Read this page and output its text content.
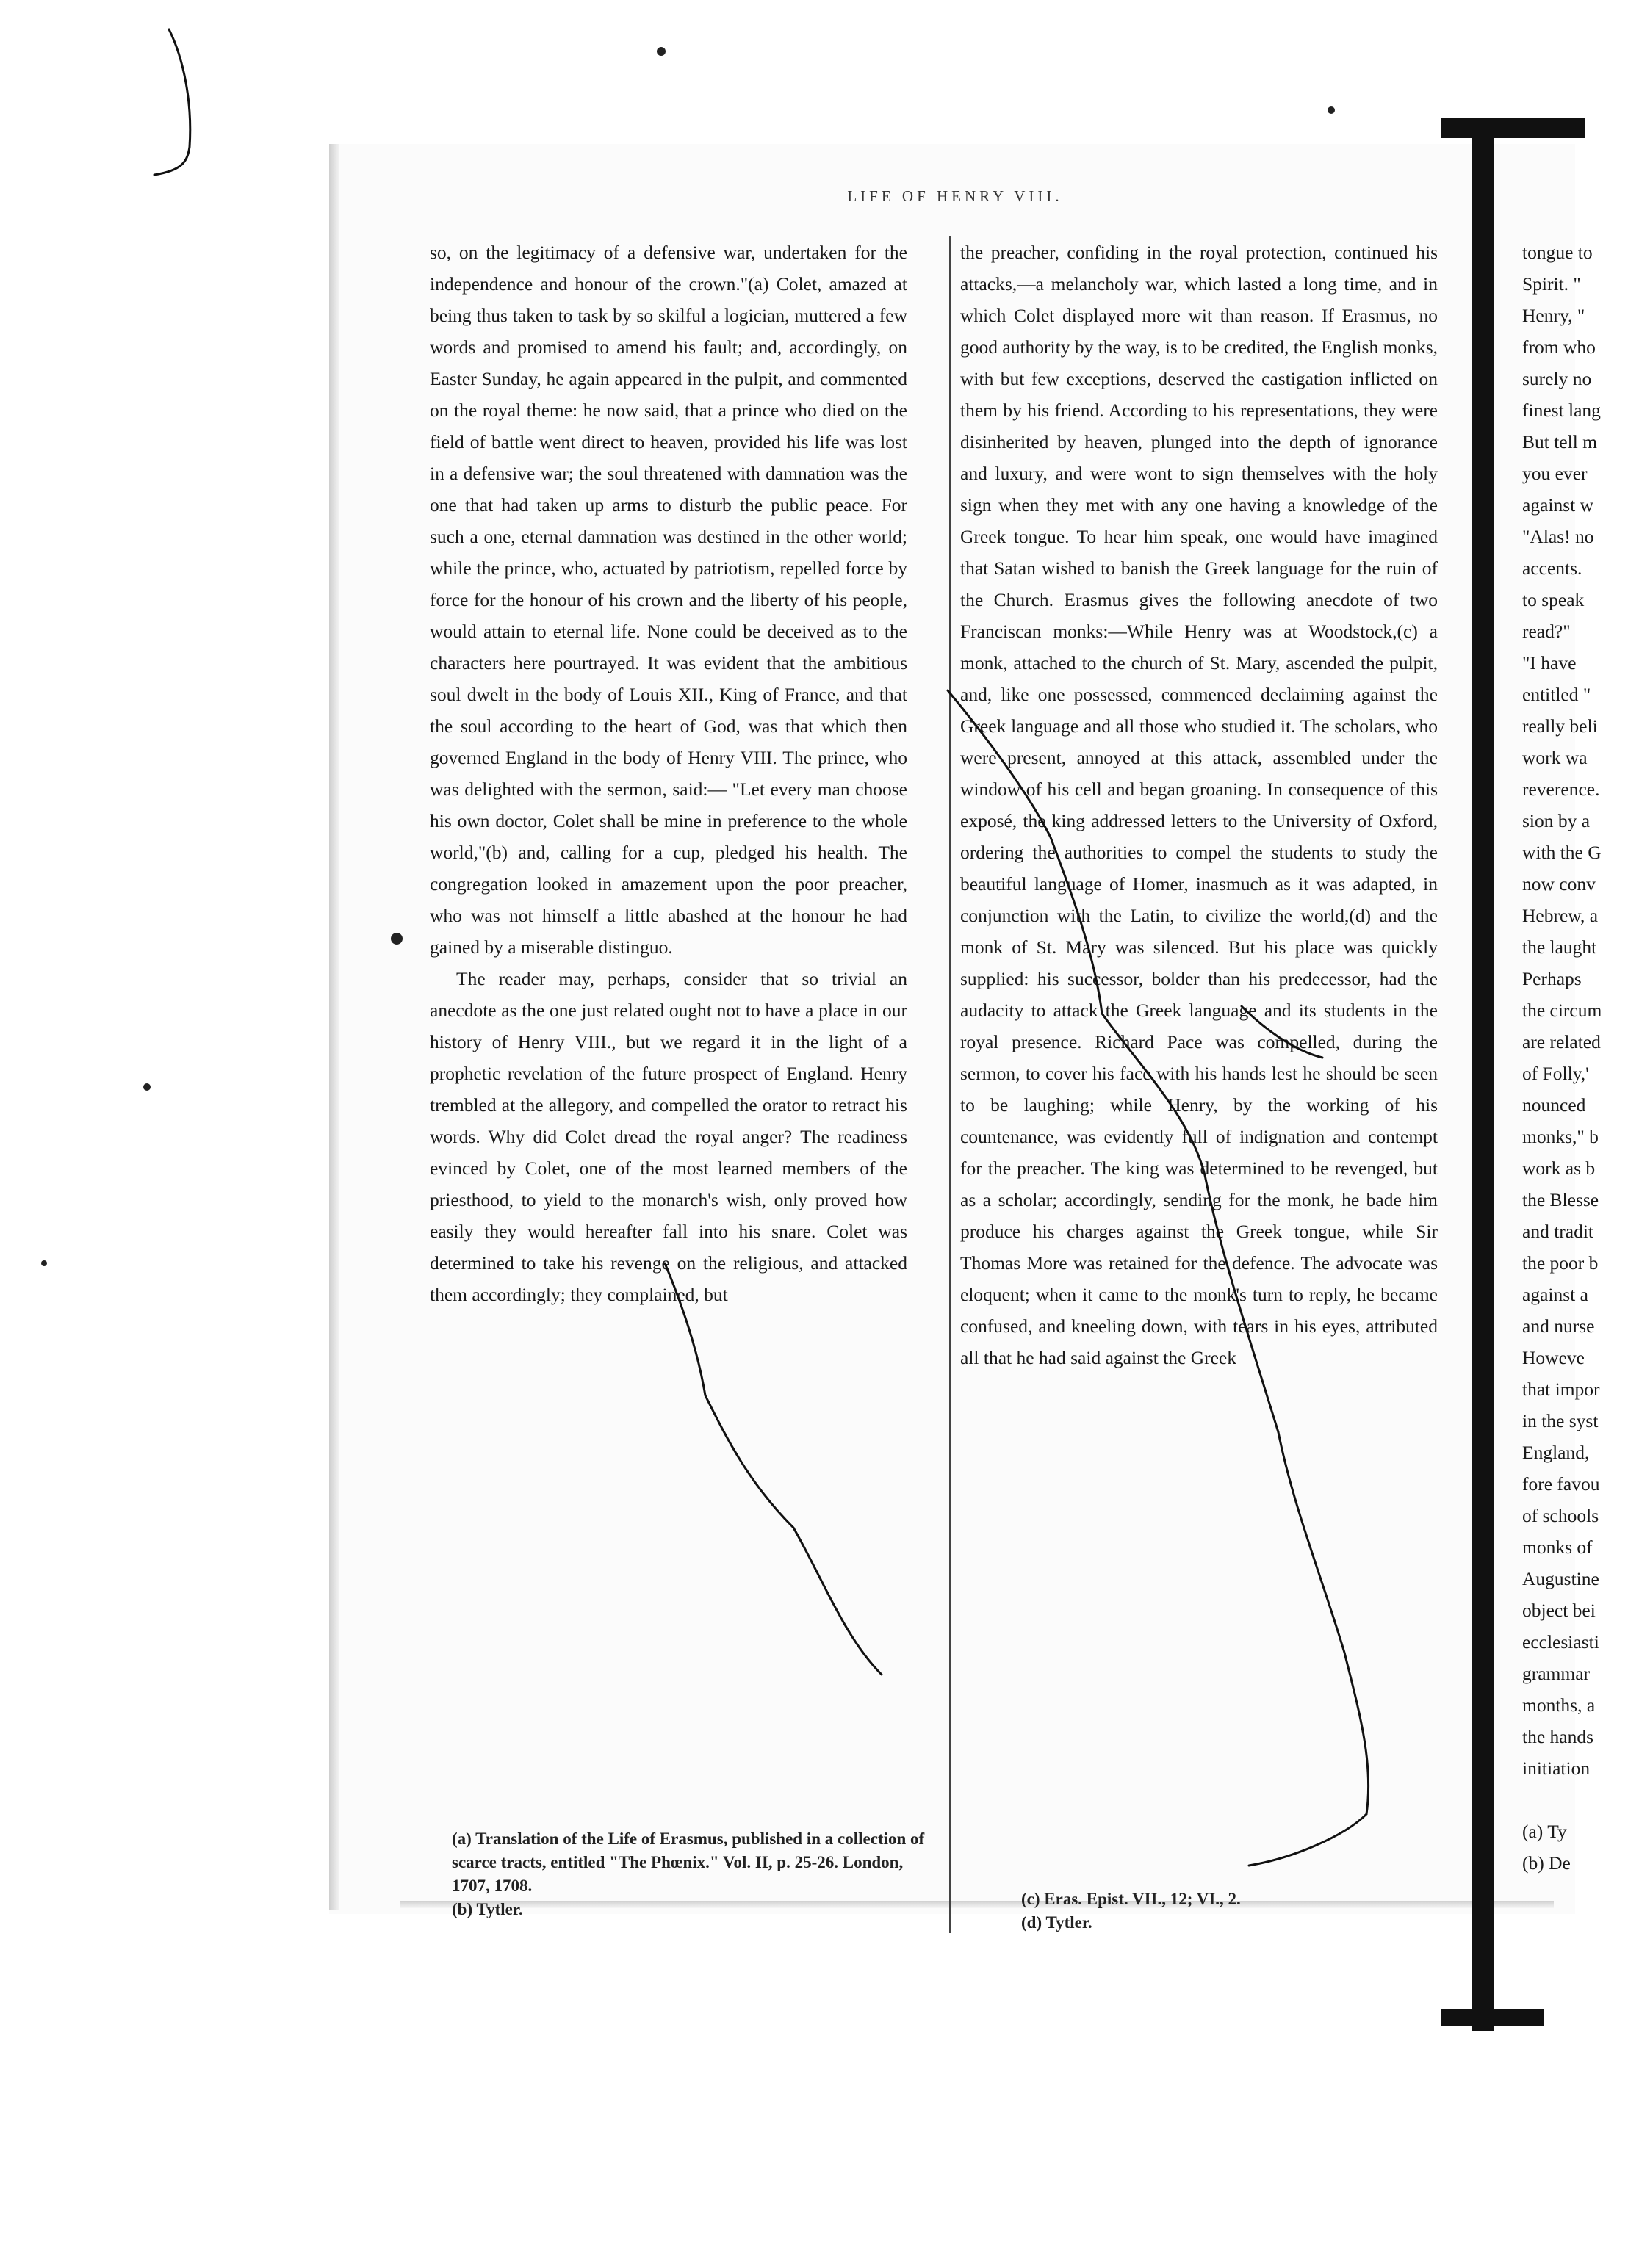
LIFE OF HENRY VIII.

so, on the legitimacy of a defensive war, undertaken for the independence and honour of the crown."(a) Colet, amazed at being thus taken to task by so skilful a logician, muttered a few words and promised to amend his fault; and, accordingly, on Easter Sunday, he again appeared in the pulpit, and commented on the royal theme: he now said, that a prince who died on the field of battle went direct to heaven, provided his life was lost in a defensive war; the soul threatened with damnation was the one that had taken up arms to disturb the public peace. For such a one, eternal damnation was destined in the other world; while the prince, who, actuated by patriotism, repelled force by force for the honour of his crown and the liberty of his people, would attain to eternal life. None could be deceived as to the characters here pourtrayed. It was evident that the ambitious soul dwelt in the body of Louis XII., King of France, and that the soul according to the heart of God, was that which then governed England in the body of Henry VIII. The prince, who was delighted with the sermon, said:— "Let every man choose his own doctor, Colet shall be mine in preference to the whole world,"(b) and, calling for a cup, pledged his health. The congregation looked in amazement upon the poor preacher, who was not himself a little abashed at the honour he had gained by a miserable distinguo.

The reader may, perhaps, consider that so trivial an anecdote as the one just related ought not to have a place in our history of Henry VIII., but we regard it in the light of a prophetic revelation of the future prospect of England. Henry trembled at the allegory, and compelled the orator to retract his words. Why did Colet dread the royal anger? The readiness evinced by Colet, one of the most learned members of the priesthood, to yield to the monarch's wish, only proved how easily they would hereafter fall into his snare. Colet was determined to take his revenge on the religious, and attacked them accordingly; they complained, but

the preacher, confiding in the royal protection, continued his attacks,—a melancholy war, which lasted a long time, and in which Colet displayed more wit than reason. If Erasmus, no good authority by the way, is to be credited, the English monks, with but few exceptions, deserved the castigation inflicted on them by his friend. According to his representations, they were disinherited by heaven, plunged into the depth of ignorance and luxury, and were wont to sign themselves with the holy sign when they met with any one having a knowledge of the Greek tongue. To hear him speak, one would have imagined that Satan wished to banish the Greek language for the ruin of the Church. Erasmus gives the following anecdote of two Franciscan monks:—While Henry was at Woodstock,(c) a monk, attached to the church of St. Mary, ascended the pulpit, and, like one possessed, commenced declaiming against the Greek language and all those who studied it. The scholars, who were present, annoyed at this attack, assembled under the window of his cell and began groaning. In consequence of this exposé, the king addressed letters to the University of Oxford, ordering the authorities to compel the students to study the beautiful language of Homer, inasmuch as it was adapted, in conjunction with the Latin, to civilize the world,(d) and the monk of St. Mary was silenced. But his place was quickly supplied: his successor, bolder than his predecessor, had the audacity to attack the Greek language and its students in the royal presence. Richard Pace was compelled, during the sermon, to cover his face with his hands lest he should be seen to be laughing; while Henry, by the working of his countenance, was evidently full of indignation and contempt for the preacher. The king was determined to be revenged, but as a scholar; accordingly, sending for the monk, he bade him produce his charges against the Greek tongue, while Sir Thomas More was retained for the defence. The advocate was eloquent; when it came to the monk's turn to reply, he became confused, and kneeling down, with tears in his eyes, attributed all that he had said against the Greek

(a) Translation of the Life of Erasmus, published in a collection of scarce tracts, entitled "The Phœnix." Vol. II, p. 25-26. London, 1707, 1708.
(b) Tytler.
(c) Eras. Epist. VII., 12; VI., 2.
(d) Tytler.
tongue to
Spirit. "
Henry, "
from who
surely no
finest lang
But tell m
you ever
against w
"Alas! no
accents.
to speak
read?"
"I have
entitled "
really beli
work wa
reverence.
sion by a
with the G
now conv
Hebrew, a
the laught
Perhaps
the circum
are related
of Folly,'
nounced
monks," b
work as b
the Blesse
and tradit
the poor b
against a
and nurse
Howeve
that impor
in the syst
England,
fore favou
of schools
monks of
Augustine
object bei
ecclesiasti
grammar
months, a
the hands
initiation
(a) Ty
(b) De
